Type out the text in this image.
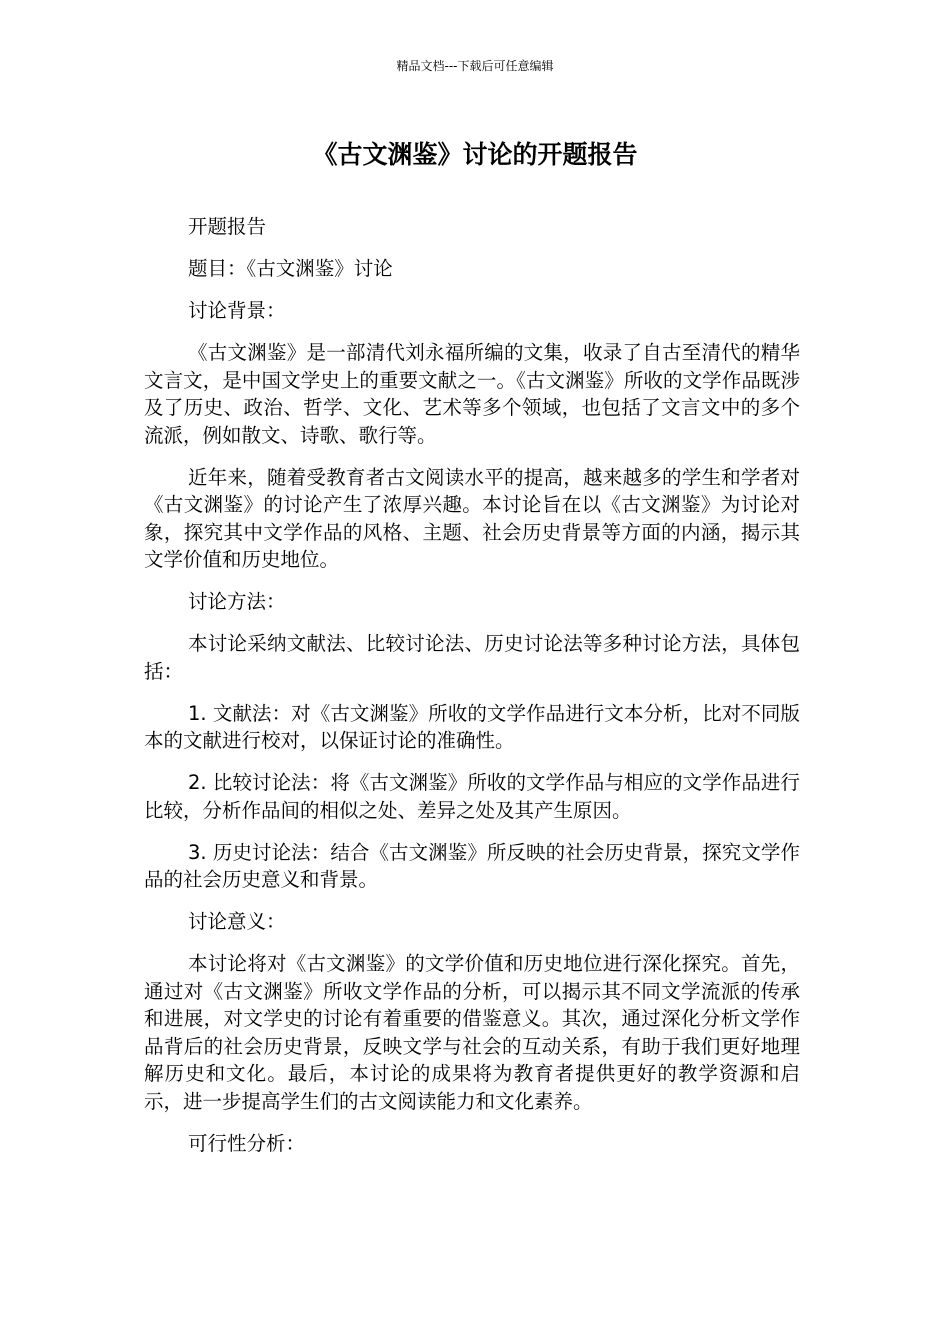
精品文档---下载后可任意编辑
《古文渊鉴》讨论的开题报告

开题报告

题目：《古文渊鉴》讨论

讨论背景：

《古文渊鉴》是一部清代刘永福所编的文集，收录了自古至清代的精华文言文，是中国文学史上的重要文献之一。《古文渊鉴》所收的文学作品既涉及了历史、政治、哲学、文化、艺术等多个领域，也包括了文言文中的多个流派，例如散文、诗歌、歌行等。

近年来，随着受教育者古文阅读水平的提高，越来越多的学生和学者对《古文渊鉴》的讨论产生了浓厚兴趣。本讨论旨在以《古文渊鉴》为讨论对象，探究其中文学作品的风格、主题、社会历史背景等方面的内涵，揭示其文学价值和历史地位。

讨论方法：

本讨论采纳文献法、比较讨论法、历史讨论法等多种讨论方法，具体包括：

1. 文献法：对《古文渊鉴》所收的文学作品进行文本分析，比对不同版本的文献进行校对，以保证讨论的准确性。

2. 比较讨论法：将《古文渊鉴》所收的文学作品与相应的文学作品进行比较，分析作品间的相似之处、差异之处及其产生原因。

3. 历史讨论法：结合《古文渊鉴》所反映的社会历史背景，探究文学作品的社会历史意义和背景。

讨论意义：

本讨论将对《古文渊鉴》的文学价值和历史地位进行深化探究。首先，通过对《古文渊鉴》所收文学作品的分析，可以揭示其不同文学流派的传承和进展，对文学史的讨论有着重要的借鉴意义。其次，通过深化分析文学作品背后的社会历史背景，反映文学与社会的互动关系，有助于我们更好地理解历史和文化。最后，本讨论的成果将为教育者提供更好的教学资源和启示，进一步提高学生们的古文阅读能力和文化素养。

可行性分析：
